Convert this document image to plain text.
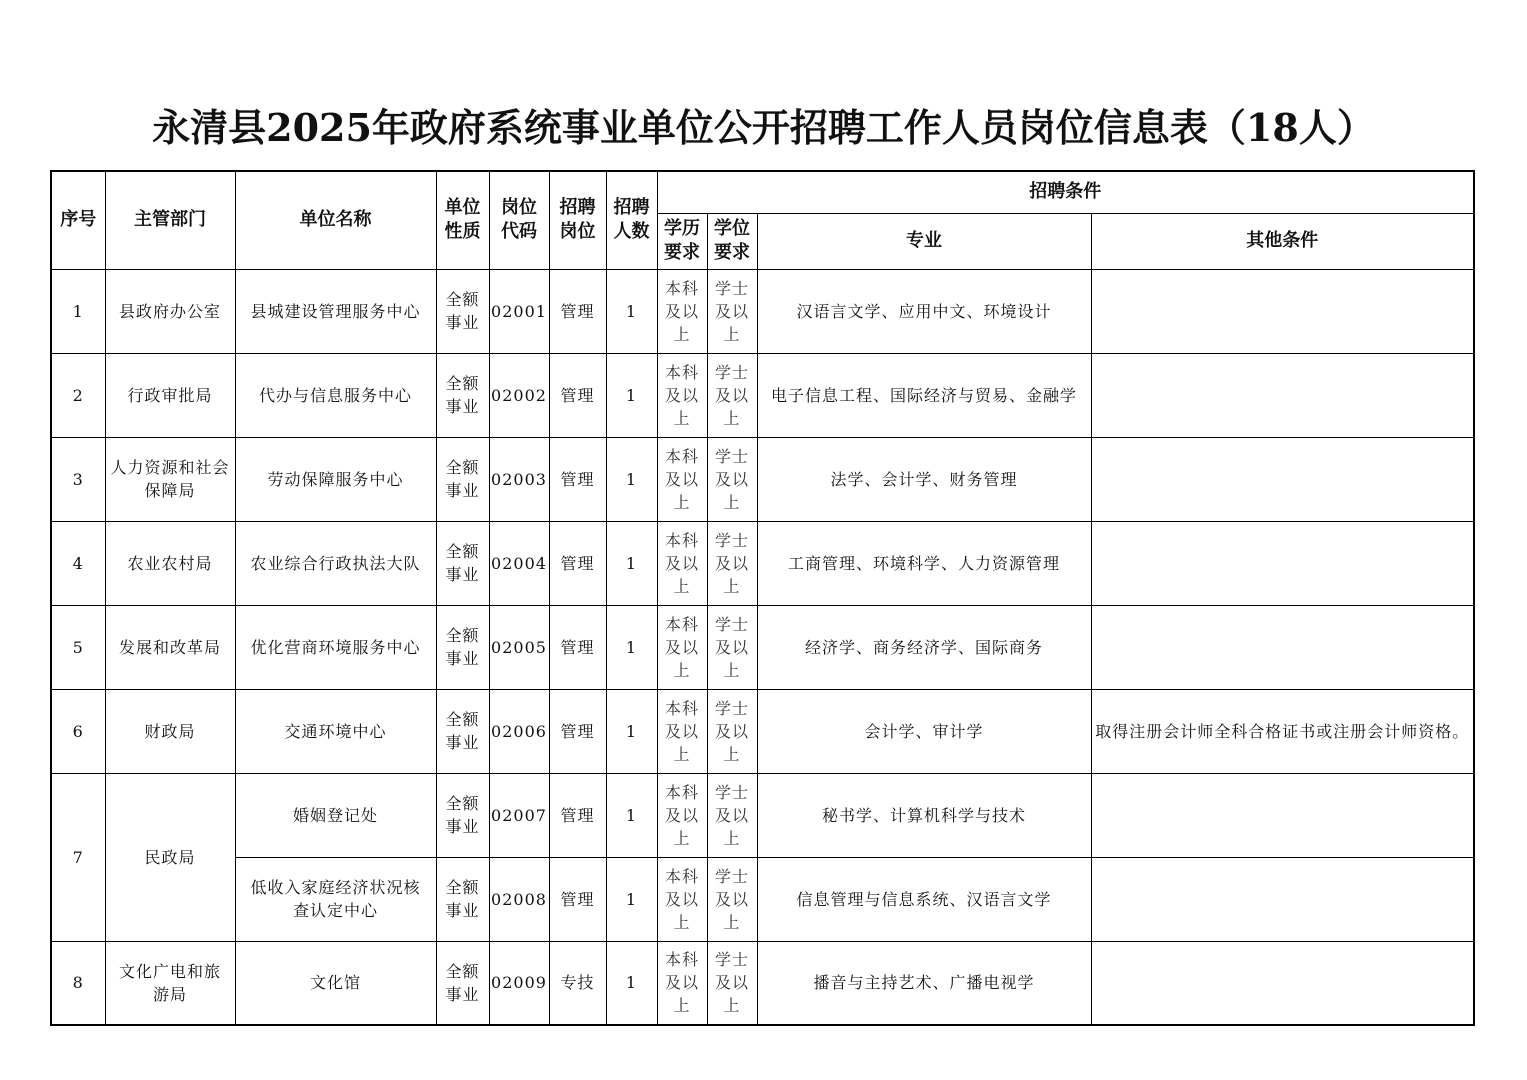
永清县2025年政府系统事业单位公开招聘工作人员岗位信息表（18人）
序号	主管部门	单位名称	单位性质	岗位代码	招聘岗位	招聘人数	招聘条件			
							学历要求	学位要求	专业	其他条件
1	县政府办公室	县城建设管理服务中心	全额事业	02001	管理	1	本科及以上	学士及以上	汉语言文学、应用中文、环境设计	
2	行政审批局	代办与信息服务中心	全额事业	02002	管理	1	本科及以上	学士及以上	电子信息工程、国际经济与贸易、金融学	
3	人力资源和社会保障局	劳动保障服务中心	全额事业	02003	管理	1	本科及以上	学士及以上	法学、会计学、财务管理	
4	农业农村局	农业综合行政执法大队	全额事业	02004	管理	1	本科及以上	学士及以上	工商管理、环境科学、人力资源管理	
5	发展和改革局	优化营商环境服务中心	全额事业	02005	管理	1	本科及以上	学士及以上	经济学、商务经济学、国际商务	
6	财政局	交通环境中心	全额事业	02006	管理	1	本科及以上	学士及以上	会计学、审计学	取得注册会计师全科合格证书或注册会计师资格。
7	民政局	婚姻登记处	全额事业	02007	管理	1	本科及以上	学士及以上	秘书学、计算机科学与技术	
		低收入家庭经济状况核查认定中心	全额事业	02008	管理	1	本科及以上	学士及以上	信息管理与信息系统、汉语言文学	
8	文化广电和旅游局	文化馆	全额事业	02009	专技	1	本科及以上	学士及以上	播音与主持艺术、广播电视学	
